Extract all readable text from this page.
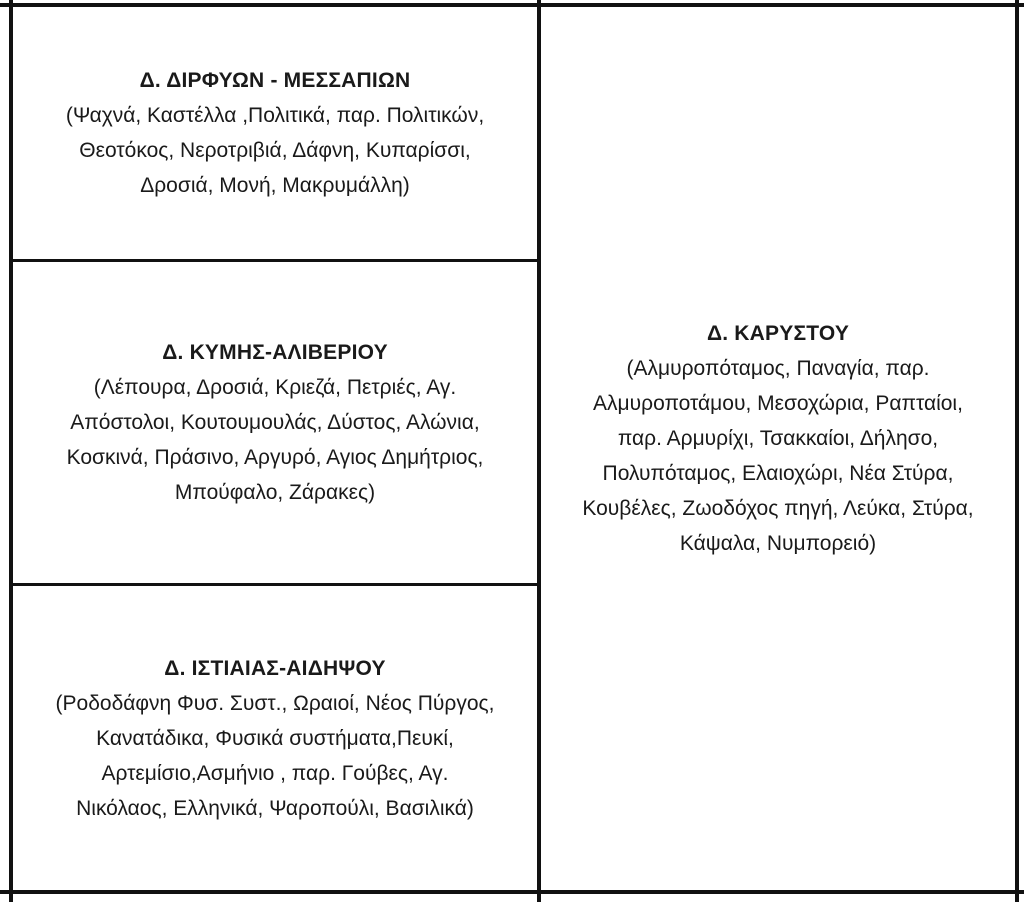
Δ. ΔΙΡΦΥΩΝ - ΜΕΣΣΑΠΙΩΝ
(Ψαχνά, Καστέλλα ,Πολιτικά, παρ. Πολιτικών,
Θεοτόκος, Νεροτριβιά, Δάφνη, Κυπαρίσσι,
Δροσιά, Μονή, Μακρυμάλλη)
Δ. ΚΥΜΗΣ-ΑΛΙΒΕΡΙΟΥ
(Λέπουρα, Δροσιά, Κριεζά, Πετριές, Αγ.
Απόστολοι, Κουτουμουλάς, Δύστος, Αλώνια,
Κοσκινά, Πράσινο, Αργυρό, Αγιος Δημήτριος,
Μπούφαλο, Ζάρακες)
Δ. ΙΣΤΙΑΙΑΣ-ΑΙΔΗΨΟΥ
(Ροδοδάφνη Φυσ. Συστ., Ωραιοί, Νέος Πύργος,
Κανατάδικα, Φυσικά συστήματα,Πευκί,
Αρτεμίσιο,Ασμήνιο , παρ. Γούβες, Αγ.
Νικόλαος, Ελληνικά, Ψαροπούλι, Βασιλικά)
Δ. ΚΑΡΥΣΤΟΥ
(Αλμυροπόταμος, Παναγία, παρ.
Αλμυροποτάμου, Μεσοχώρια, Ραπταίοι,
παρ. Αρμυρίχι, Τσακκαίοι, Δήλησο,
Πολυπόταμος, Ελαιοχώρι, Νέα Στύρα,
Κουβέλες, Ζωοδόχος πηγή, Λεύκα, Στύρα,
Κάψαλα, Νυμπορειό)
